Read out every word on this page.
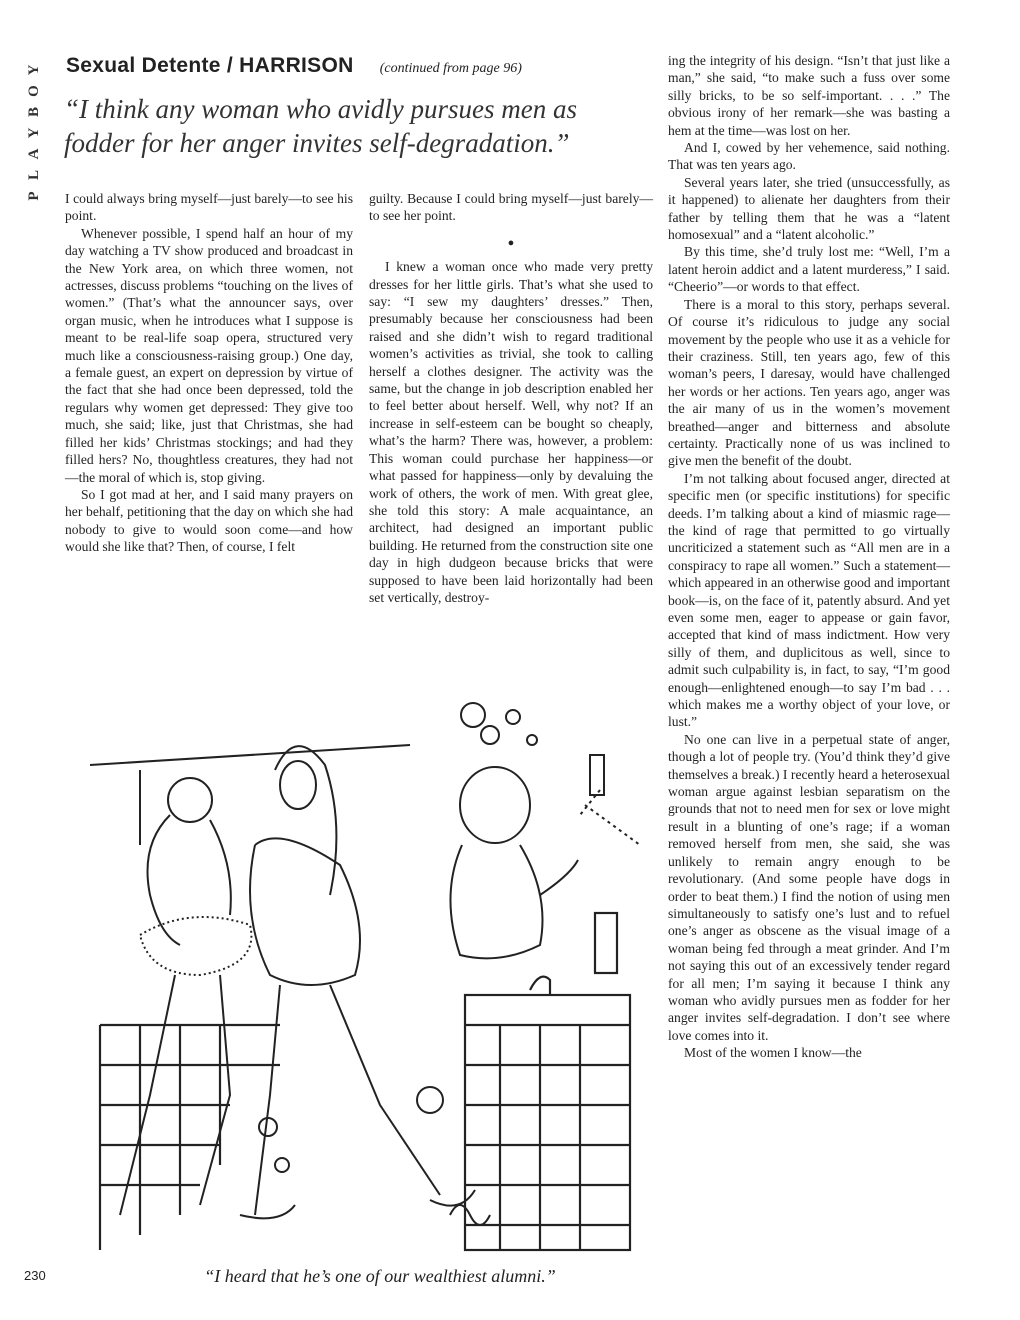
P
L
A
Y
B
O
Y Sexual Detente / HARRISON (continued from page 96)
“I think any woman who avidly pursues men as fodder for her anger invites self-degradation.”

I could always bring myself—just barely—to see his point.

Whenever possible, I spend half an hour of my day watching a TV show produced and broadcast in the New York area, on which three women, not actresses, discuss problems “touching on the lives of women.” (That’s what the announcer says, over organ music, when he introduces what I suppose is meant to be real-life soap opera, structured very much like a consciousness-raising group.) One day, a female guest, an expert on depression by virtue of the fact that she had once been depressed, told the regulars why women get depressed: They give too much, she said; like, just that Christmas, she had filled her kids’ Christmas stockings; and had they filled hers? No, thoughtless creatures, they had not—the moral of which is, stop giving.

So I got mad at her, and I said many prayers on her behalf, petitioning that the day on which she had nobody to give to would soon come—and how would she like that? Then, of course, I felt

guilty. Because I could bring myself—just barely—to see her point.

●

I knew a woman once who made very pretty dresses for her little girls. That’s what she used to say: “I sew my daughters’ dresses.” Then, presumably because her consciousness had been raised and she didn’t wish to regard traditional women’s activities as trivial, she took to calling herself a clothes designer. The activity was the same, but the change in job description enabled her to feel better about herself. Well, why not? If an increase in self-esteem can be bought so cheaply, what’s the harm? There was, however, a problem: This woman could purchase her happiness—or what passed for happiness—only by devaluing the work of others, the work of men. With great glee, she told this story: A male acquaintance, an architect, had designed an important public building. He returned from the construction site one day in high dudgeon because bricks that were supposed to have been laid horizontally had been set vertically, destroy-

ing the integrity of his design. “Isn’t that just like a man,” she said, “to make such a fuss over some silly bricks, to be so self-important. . . .” The obvious irony of her remark—she was basting a hem at the time—was lost on her.

And I, cowed by her vehemence, said nothing. That was ten years ago.

Several years later, she tried (unsuccessfully, as it happened) to alienate her daughters from their father by telling them that he was a “latent homosexual” and a “latent alcoholic.”

By this time, she’d truly lost me: “Well, I’m a latent heroin addict and a latent murderess,” I said. “Cheerio”—or words to that effect.

There is a moral to this story, perhaps several. Of course it’s ridiculous to judge any social movement by the people who use it as a vehicle for their craziness. Still, ten years ago, few of this woman’s peers, I daresay, would have challenged her words or her actions. Ten years ago, anger was the air many of us in the women’s movement breathed—anger and bitterness and absolute certainty. Practically none of us was inclined to give men the benefit of the doubt.

I’m not talking about focused anger, directed at specific men (or specific institutions) for specific deeds. I’m talking about a kind of miasmic rage—the kind of rage that permitted to go virtually uncriticized a statement such as “All men are in a conspiracy to rape all women.” Such a statement—which appeared in an otherwise good and important book—is, on the face of it, patently absurd. And yet even some men, eager to appease or gain favor, accepted that kind of mass indictment. How very silly of them, and duplicitous as well, since to admit such culpability is, in fact, to say, “I’m good enough—enlightened enough—to say I’m bad . . . which makes me a worthy object of your love, or lust.”

No one can live in a perpetual state of anger, though a lot of people try. (You’d think they’d give themselves a break.) I recently heard a heterosexual woman argue against lesbian separatism on the grounds that not to need men for sex or love might result in a blunting of one’s rage; if a woman removed herself from men, she said, she was unlikely to remain angry enough to be revolutionary. (And some people have dogs in order to beat them.) I find the notion of using men simultaneously to satisfy one’s lust and to refuel one’s anger as obscene as the visual image of a woman being fed through a meat grinder. And I’m not saying this out of an excessively tender regard for all men; I’m saying it because I think any woman who avidly pursues men as fodder for her anger invites self-degradation. I don’t see where love comes into it.

Most of the women I know—the

“I heard that he’s one of our wealthiest alumni.”
230
